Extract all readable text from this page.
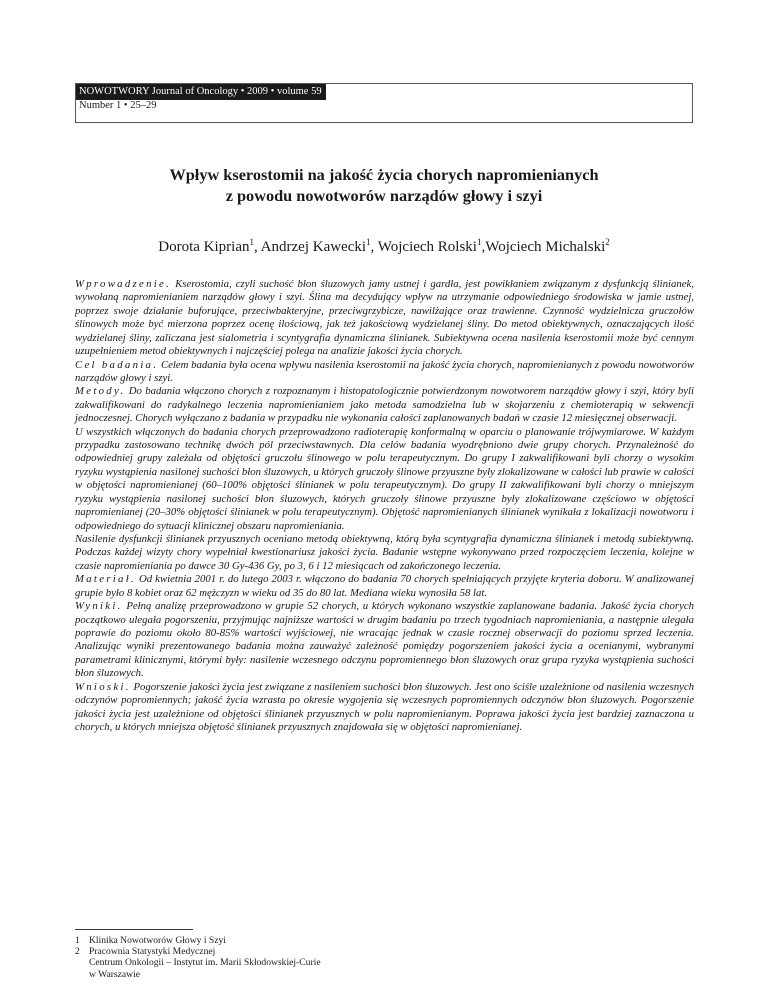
NOWOTWORY Journal of Oncology • 2009 • volume 59
Number 1 • 25–29
Wpływ kserostomii na jakość życia chorych napromienianych
z powodu nowotworów narządów głowy i szyi
Dorota Kiprian$^1$, Andrzej Kawecki$^1$, Wojciech Rolski$^1$,Wojciech Michalski$^2$

Wprowadzenie. Kserostomia, czyli suchość błon śluzowych jamy ustnej i gardła, jest powikłaniem związanym z dysfunkcją ślinianek, wywołaną napromienianiem narządów głowy i szyi. Ślina ma decydujący wpływ na utrzymanie odpowiedniego środowiska w jamie ustnej, poprzez swoje działanie buforujące, przeciwbakteryjne, przeciwgrzybicze, nawilżające oraz trawienne. Czynność wydzielnicza gruczołów ślinowych może być mierzona poprzez ocenę ilościową, jak też jakościową wydzielanej śliny. Do metod obiektywnych, oznaczających ilość wydzielanej śliny, zaliczana jest sialometria i scyntygrafia dynamiczna ślinianek. Subiektywna ocena nasilenia kserostomii może być cennym uzupełnieniem metod obiektywnych i najczęściej polega na analizie jakości życia chorych.

Cel badania. Celem badania była ocena wpływu nasilenia kserostomii na jakość życia chorych, napromienianych z powodu nowotworów narządów głowy i szyi.

Metody. Do badania włączono chorych z rozpoznanym i histopatologicznie potwierdzonym nowotworem narządów głowy i szyi, który byli zakwalifikowani do radykalnego leczenia napromienianiem jako metoda samodzielna lub w skojarzeniu z chemioterapią w sekwencji jednoczesnej. Chorych wyłączano z badania w przypadku nie wykonania całości zaplanowanych badań w czasie 12 miesięcznej obserwacji.

U wszystkich włączonych do badania chorych przeprowadzono radioterapię konformalną w oparciu o planowanie trójwymiarowe. W każdym przypadku zastosowano technikę dwóch pól przeciwstawnych. Dla celów badania wyodrębniono dwie grupy chorych. Przynależność do odpowiedniej grupy zależała od objętości gruczołu ślinowego w polu terapeutycznym. Do grupy I zakwalifikowani byli chorzy o wysokim ryzyku wystąpienia nasilonej suchości błon śluzowych, u których gruczoły ślinowe przyuszne były zlokalizowane w całości lub prawie w całości w objętości napromienianej (60–100% objętości ślinianek w polu terapeutycznym). Do grupy II zakwalifikowani byli chorzy o mniejszym ryzyku wystąpienia nasilonej suchości błon śluzowych, których gruczoły ślinowe przyuszne były zlokalizowane częściowo w objętości napromienianej (20–30% objętości ślinianek w polu terapeutycznym). Objętość napromienianych ślinianek wynikała z lokalizacji nowotworu i odpowiedniego do sytuacji klinicznej obszaru napromieniania.

Nasilenie dysfunkcji ślinianek przyusznych oceniano metodą obiektywną, którą była scyntygrafia dynamiczna ślinianek i metodą subiektywną. Podczas każdej wizyty chory wypełniał kwestionariusz jakości życia. Badanie wstępne wykonywano przed rozpoczęciem leczenia, kolejne w czasie napromieniania po dawce 30 Gy-436 Gy, po 3, 6 i 12 miesiącach od zakończonego leczenia.

Materiał. Od kwietnia 2001 r. do lutego 2003 r. włączono do badania 70 chorych spełniających przyjęte kryteria doboru. W analizowanej grupie było 8 kobiet oraz 62 mężczyzn w wieku od 35 do 80 lat. Mediana wieku wynosiła 58 lat.

Wyniki. Pełną analizę przeprowadzono w grupie 52 chorych, u których wykonano wszystkie zaplanowane badania. Jakość życia chorych początkowo ulegała pogorszeniu, przyjmując najniższe wartości w drugim badaniu po trzech tygodniach napromieniania, a następnie ulegała poprawie do poziomu około 80-85% wartości wyjściowej, nie wracając jednak w czasie rocznej obserwacji do poziomu sprzed leczenia. Analizując wyniki prezentowanego badania można zauważyć zależność pomiędzy pogorszeniem jakości życia a ocenianymi, wybranymi parametrami klinicznymi, którymi były: nasilenie wczesnego odczynu popromiennego błon śluzowych oraz grupa ryzyka wystąpienia suchości błon śluzowych.

Wnioski. Pogorszenie jakości życia jest związane z nasileniem suchości błon śluzowych. Jest ono ściśle uzależnione od nasilenia wczesnych odczynów popromiennych; jakość życia wzrasta po okresie wygojenia się wczesnych popromiennych odczynów błon śluzowych. Pogorszenie jakości życia jest uzależnione od objętości ślinianek przyusznych w polu napromienianym. Poprawa jakości życia jest bardziej zaznaczona u chorych, u których mniejsza objętość ślinianek przyusznych znajdowała się w objętości napromienianej.

1 Klinika Nowotworów Głowy i Szyi
2 Pracownia Statystyki Medycznej
Centrum Onkologii – Instytut im. Marii Skłodowskiej-Curie
w Warszawie
